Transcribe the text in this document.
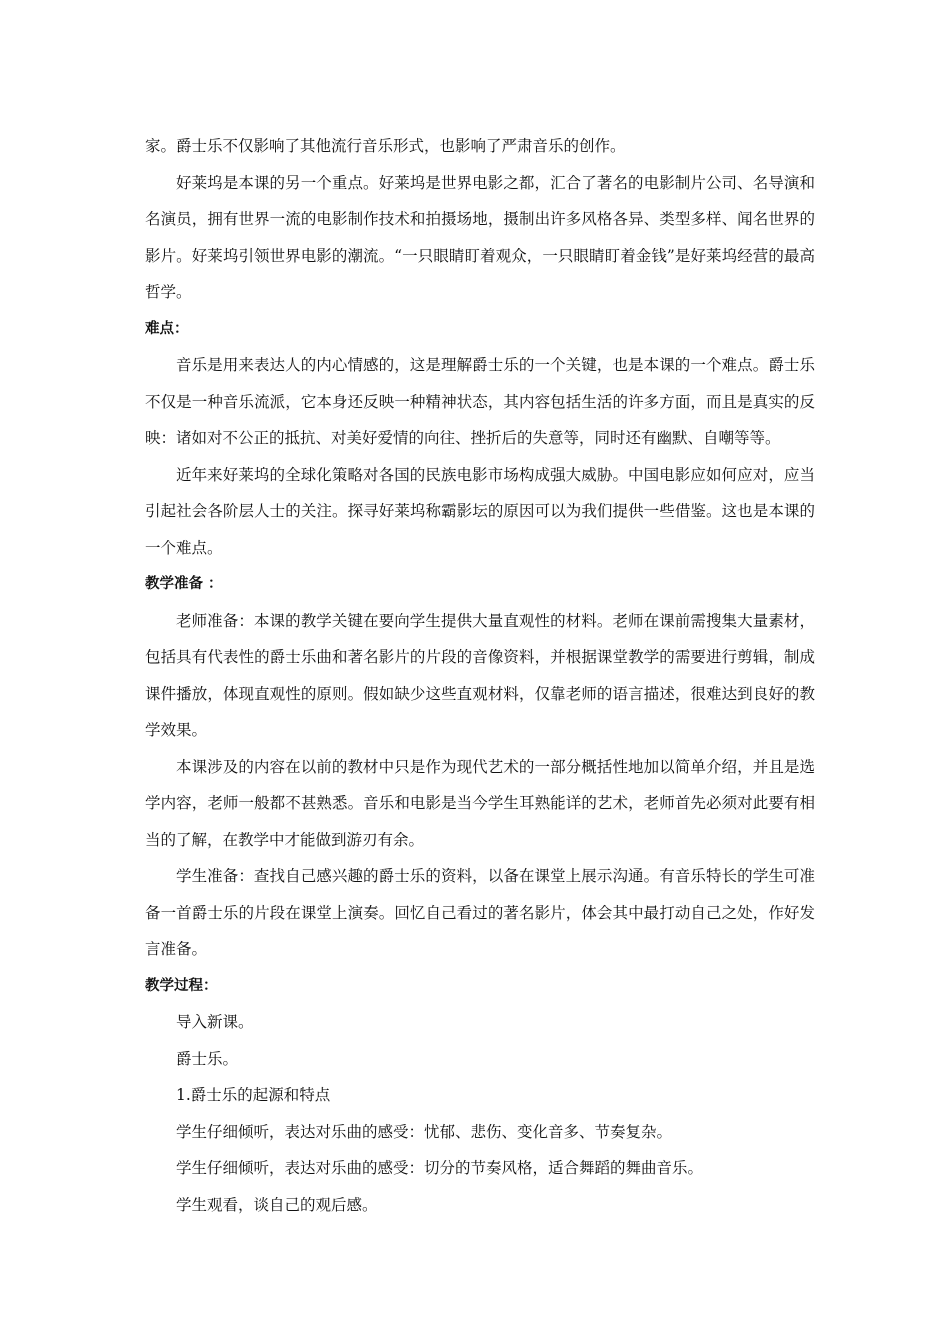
家。爵士乐不仅影响了其他流行音乐形式，也影响了严肃音乐的创作。

好莱坞是本课的另一个重点。好莱坞是世界电影之都，汇合了著名的电影制片公司、名导演和名演员，拥有世界一流的电影制作技术和拍摄场地，摄制出许多风格各异、类型多样、闻名世界的影片。好莱坞引领世界电影的潮流。“一只眼睛盯着观众，一只眼睛盯着金钱”是好莱坞经营的最高哲学。

难点：

音乐是用来表达人的内心情感的，这是理解爵士乐的一个关键，也是本课的一个难点。爵士乐不仅是一种音乐流派，它本身还反映一种精神状态，其内容包括生活的许多方面，而且是真实的反映：诸如对不公正的抵抗、对美好爱情的向往、挫折后的失意等，同时还有幽默、自嘲等等。

近年来好莱坞的全球化策略对各国的民族电影市场构成强大威胁。中国电影应如何应对，应当引起社会各阶层人士的关注。探寻好莱坞称霸影坛的原因可以为我们提供一些借鉴。这也是本课的一个难点。

教学准备 ：

老师准备：本课的教学关键在要向学生提供大量直观性的材料。老师在课前需搜集大量素材，包括具有代表性的爵士乐曲和著名影片的片段的音像资料，并根据课堂教学的需要进行剪辑，制成课件播放，体现直观性的原则。假如缺少这些直观材料，仅靠老师的语言描述，很难达到良好的教学效果。

本课涉及的内容在以前的教材中只是作为现代艺术的一部分概括性地加以简单介绍，并且是选学内容，老师一般都不甚熟悉。音乐和电影是当今学生耳熟能详的艺术，老师首先必须对此要有相当的了解，在教学中才能做到游刃有余。

学生准备：查找自己感兴趣的爵士乐的资料，以备在课堂上展示沟通。有音乐特长的学生可准备一首爵士乐的片段在课堂上演奏。回忆自己看过的著名影片，体会其中最打动自己之处，作好发言准备。

教学过程：

导入新课。

爵士乐。

1.爵士乐的起源和特点

学生仔细倾听，表达对乐曲的感受：忧郁、悲伤、变化音多、节奏复杂。

学生仔细倾听，表达对乐曲的感受：切分的节奏风格，适合舞蹈的舞曲音乐。

学生观看，谈自己的观后感。
